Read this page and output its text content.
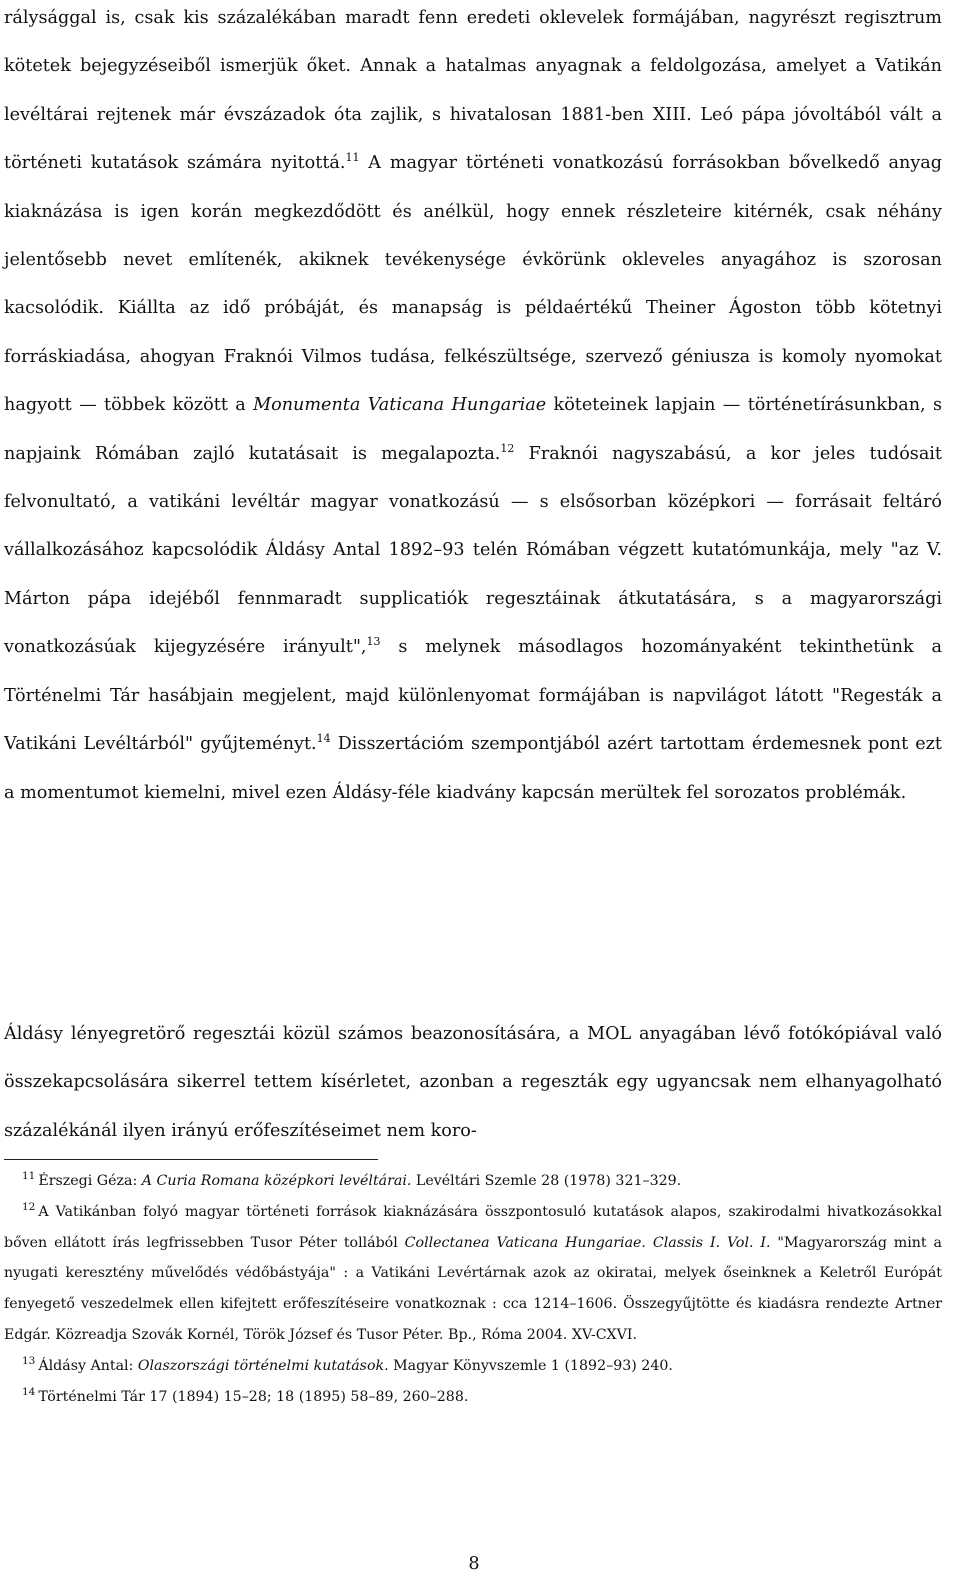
rálysággal is, csak kis százalékában maradt fenn eredeti oklevelek formájában, nagyrészt regisztrum kötetek bejegyzéseiből ismerjük őket. Annak a hatalmas anyagnak a feldolgozása, amelyet a Vatikán levéltárai rejtenek már évszázadok óta zajlik, s hivatalosan 1881-ben XIII. Leó pápa jóvoltából vált a történeti kutatások számára nyitottá.$^{11}$ A magyar történeti vonatkozású forrásokban bővelkedő anyag kiaknázása is igen korán megkezdődött és anélkül, hogy ennek részleteire kitérnék, csak néhány jelentősebb nevet említenék, akiknek tevékenysége évkörünk okleveles anyagához is szorosan kacsolódik. Kiállta az idő próbáját, és manapság is példaértékű Theiner Ágoston több kötetnyi forráskiadása, ahogyan Fraknói Vilmos tudása, felkészültsége, szervező géniusza is komoly nyomokat hagyott — többek között a Monumenta Vaticana Hungariae köteteinek lapjain — történetírásunkban, s napjaink Rómában zajló kutatásait is megalapozta.$^{12}$ Fraknói nagyszabású, a kor jeles tudósait felvonultató, a vatikáni levéltár magyar vonatkozású — s elsősorban középkori — forrásait feltáró vállalkozásához kapcsolódik Áldásy Antal 1892–93 telén Rómában végzett kutatómunkája, mely "az V. Márton pápa idejéből fennmaradt supplicatiók regesztáinak átkutatására, s a magyarországi vonatkozásúak kijegyzésére irányult",$^{13}$ s melynek másodlagos hozományaként tekinthetünk a Történelmi Tár hasábjain megjelent, majd különlenyomat formájában is napvilágot látott "Regesták a Vatikáni Levéltárból" gyűjteményt.$^{14}$ Disszertációm szempontjából azért tartottam érdemesnek pont ezt a momentumot kiemelni, mivel ezen Áldásy-féle kiadvány kapcsán merültek fel sorozatos problémák.

Áldásy lényegretörő regesztái közül számos beazonosítására, a MOL anyagában lévő fotókópiával való összekapcsolására sikerrel tettem kísérletet, azonban a regeszták egy ugyancsak nem elhanyagolható százalékánál ilyen irányú erőfeszítéseimet nem koro-

$^{11}$ Érszegi Géza: A Curia Romana középkori levéltárai. Levéltári Szemle 28 (1978) 321–329.

$^{12}$ A Vatikánban folyó magyar történeti források kiaknázására összpontosuló kutatások alapos, szakirodalmi hivatkozásokkal bőven ellátott írás legfrissebben Tusor Péter tollából Collectanea Vaticana Hungariae. Classis I. Vol. I. "Magyarország mint a nyugati keresztény művelődés védőbástyája" : a Vatikáni Levértárnak azok az okiratai, melyek őseinknek a Keletről Európát fenyegető veszedelmek ellen kifejtett erőfeszítéseire vonatkoznak : cca 1214–1606. Összegyűjtötte és kiadásra rendezte Artner Edgár. Közreadja Szovák Kornél, Török József és Tusor Péter. Bp., Róma 2004. XV-CXVI.

$^{13}$ Áldásy Antal: Olaszországi történelmi kutatások. Magyar Könyvszemle 1 (1892–93) 240.

$^{14}$ Történelmi Tár 17 (1894) 15–28; 18 (1895) 58–89, 260–288.

8
